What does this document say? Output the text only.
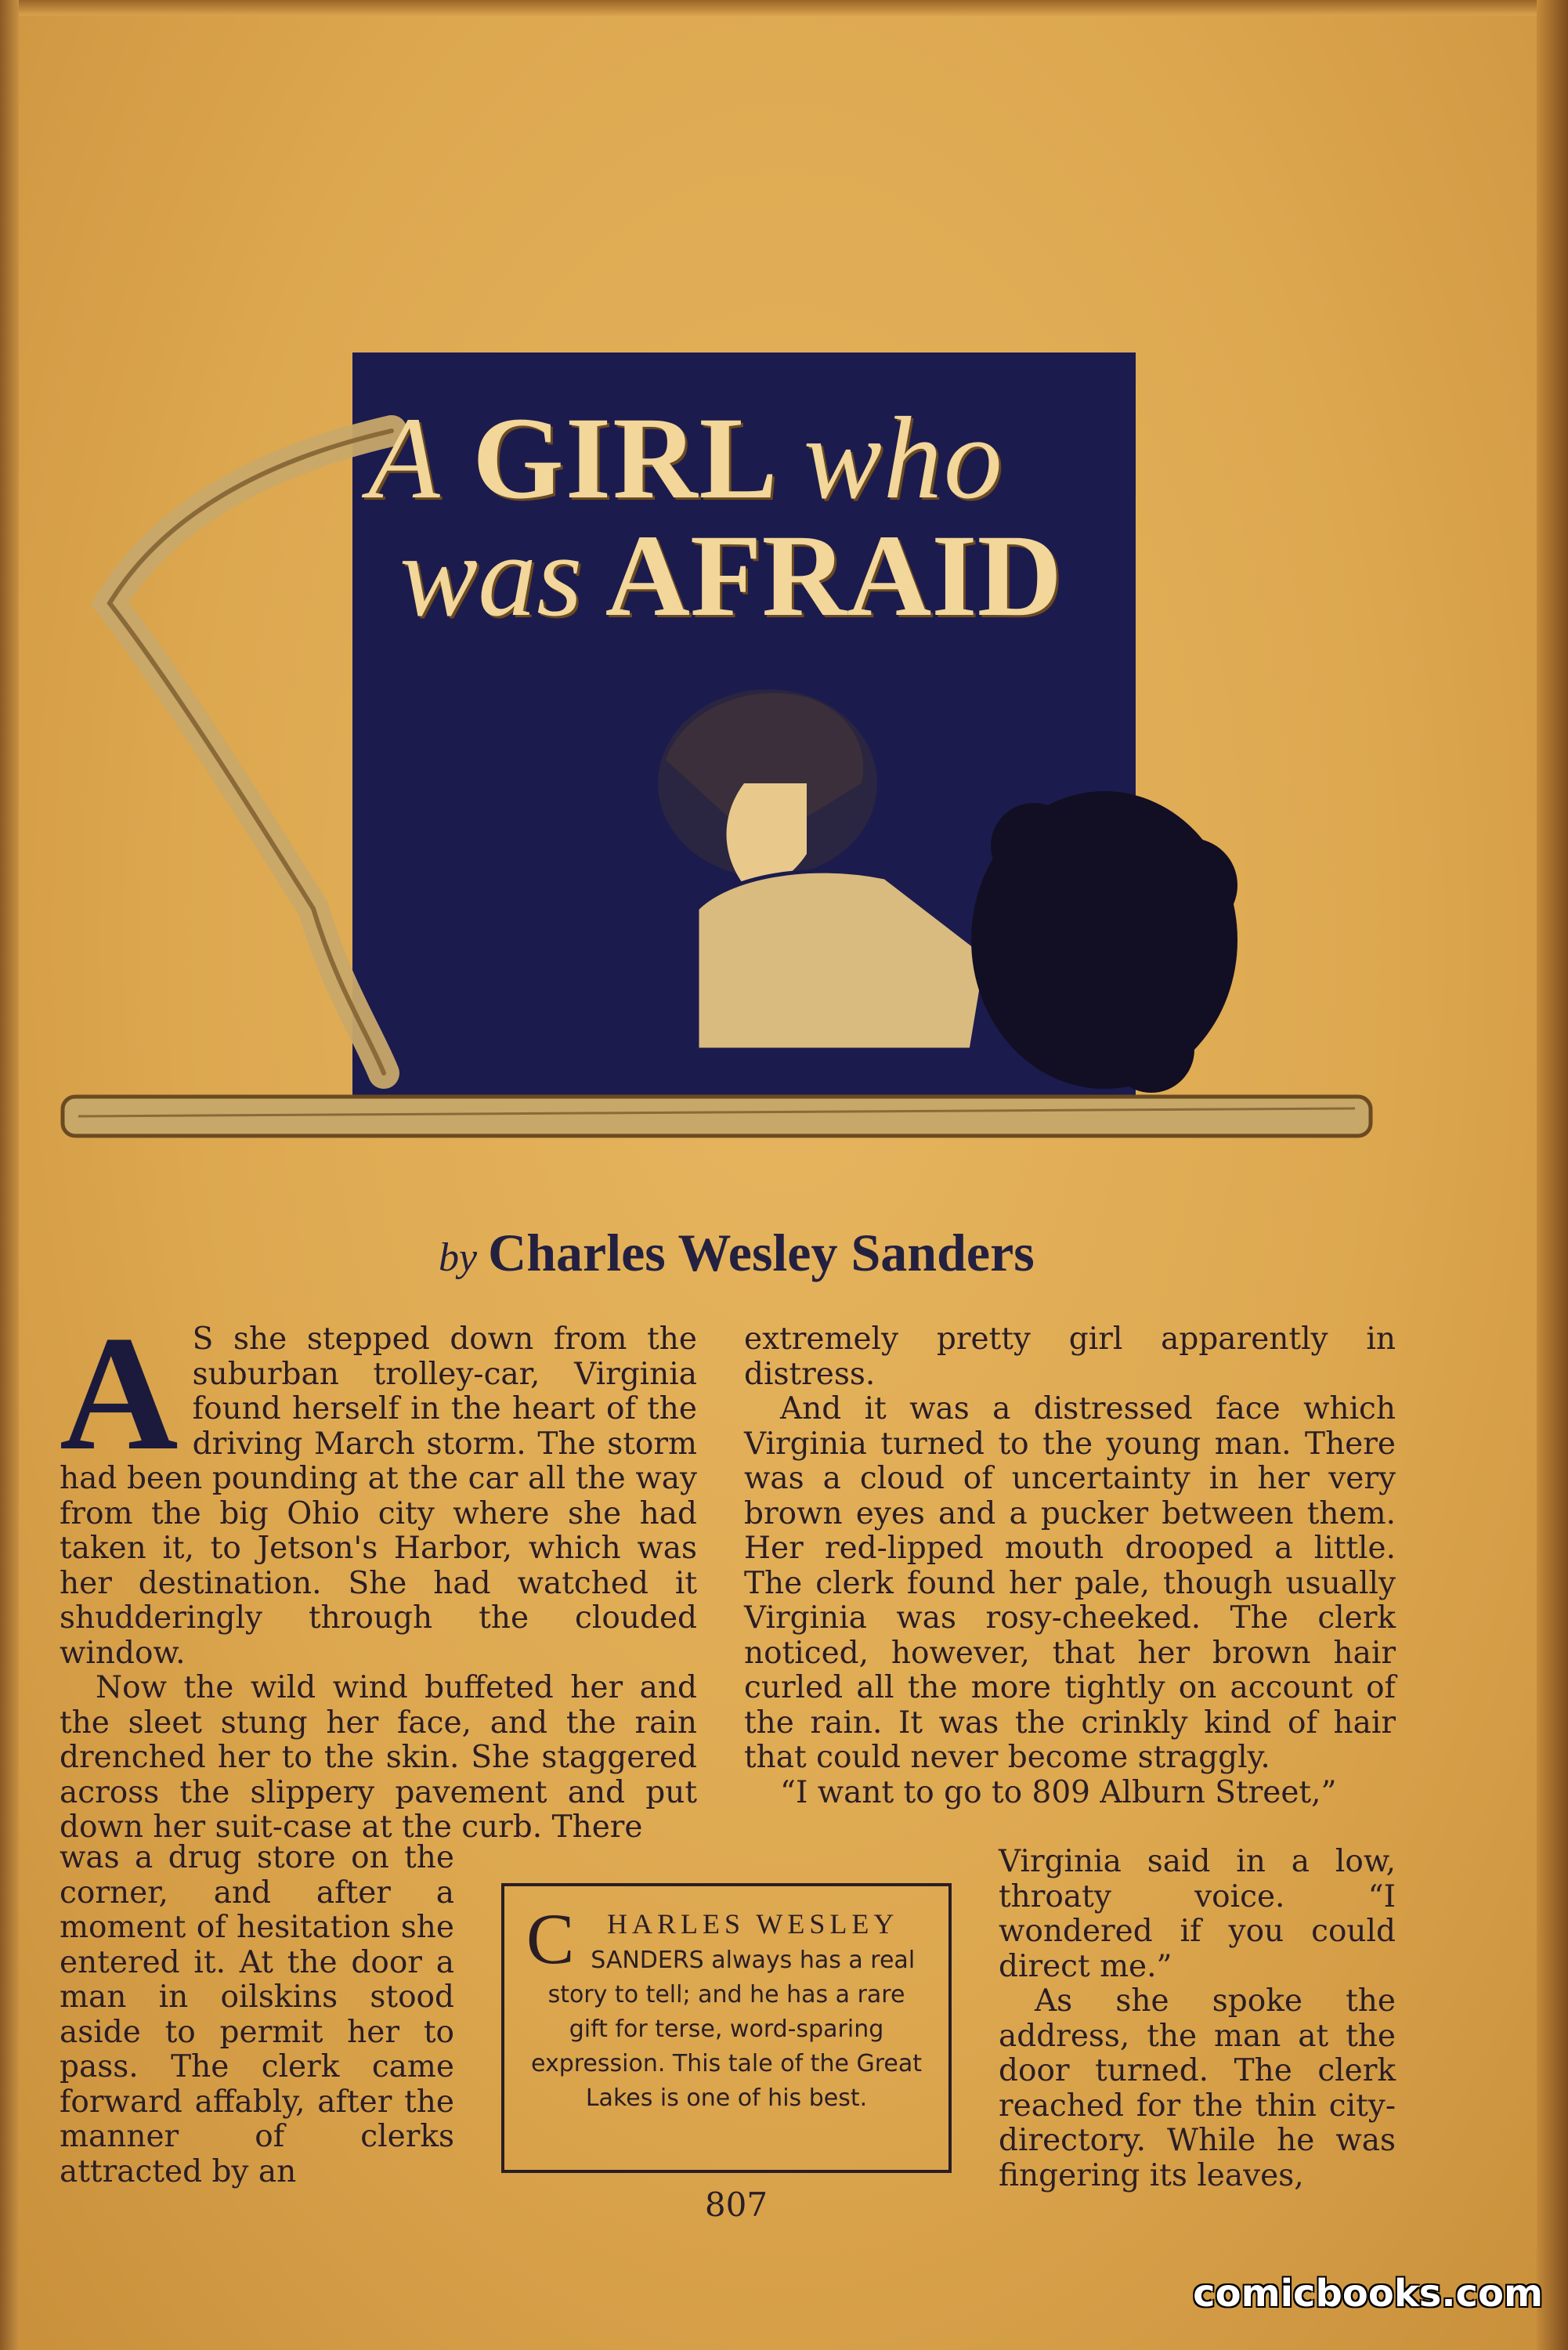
A GIRL who
was AFRAID
by Charles Wesley Sanders
A S she stepped down from the suburban trolley-car, Virginia found herself in the heart of the driving March storm. The storm had been pounding at the car all the way from the big Ohio city where she had taken it, to Jetson's Harbor, which was her destination. She had watched it shudderingly through the clouded window.

Now the wild wind buffeted her and the sleet stung her face, and the rain drenched her to the skin. She staggered across the slippery pavement and put down her suit-case at the curb. There

was a drug store on the corner, and after a moment of hesitation she entered it. At the door a man in oilskins stood aside to permit her to pass. The clerk came forward affably, after the manner of clerks attracted by an

extremely pretty girl apparently in distress.

And it was a distressed face which Virginia turned to the young man. There was a cloud of uncertainty in her very brown eyes and a pucker between them. Her red-lipped mouth drooped a little. The clerk found her pale, though usually Virginia was rosy-cheeked. The clerk noticed, however, that her brown hair curled all the more tightly on account of the rain. It was the crinkly kind of hair that could never become straggly.

“I want to go to 809 Alburn Street,”

Virginia said in a low, throaty voice. “I wondered if you could direct me.”

As she spoke the address, the man at the door turned. The clerk reached for the thin city-directory. While he was fingering its leaves,

C HARLES WESLEY SANDERS always has a real story to tell; and he has a rare gift for terse, word-sparing expression. This tale of the Great Lakes is one of his best.
807
comicbooks.com
